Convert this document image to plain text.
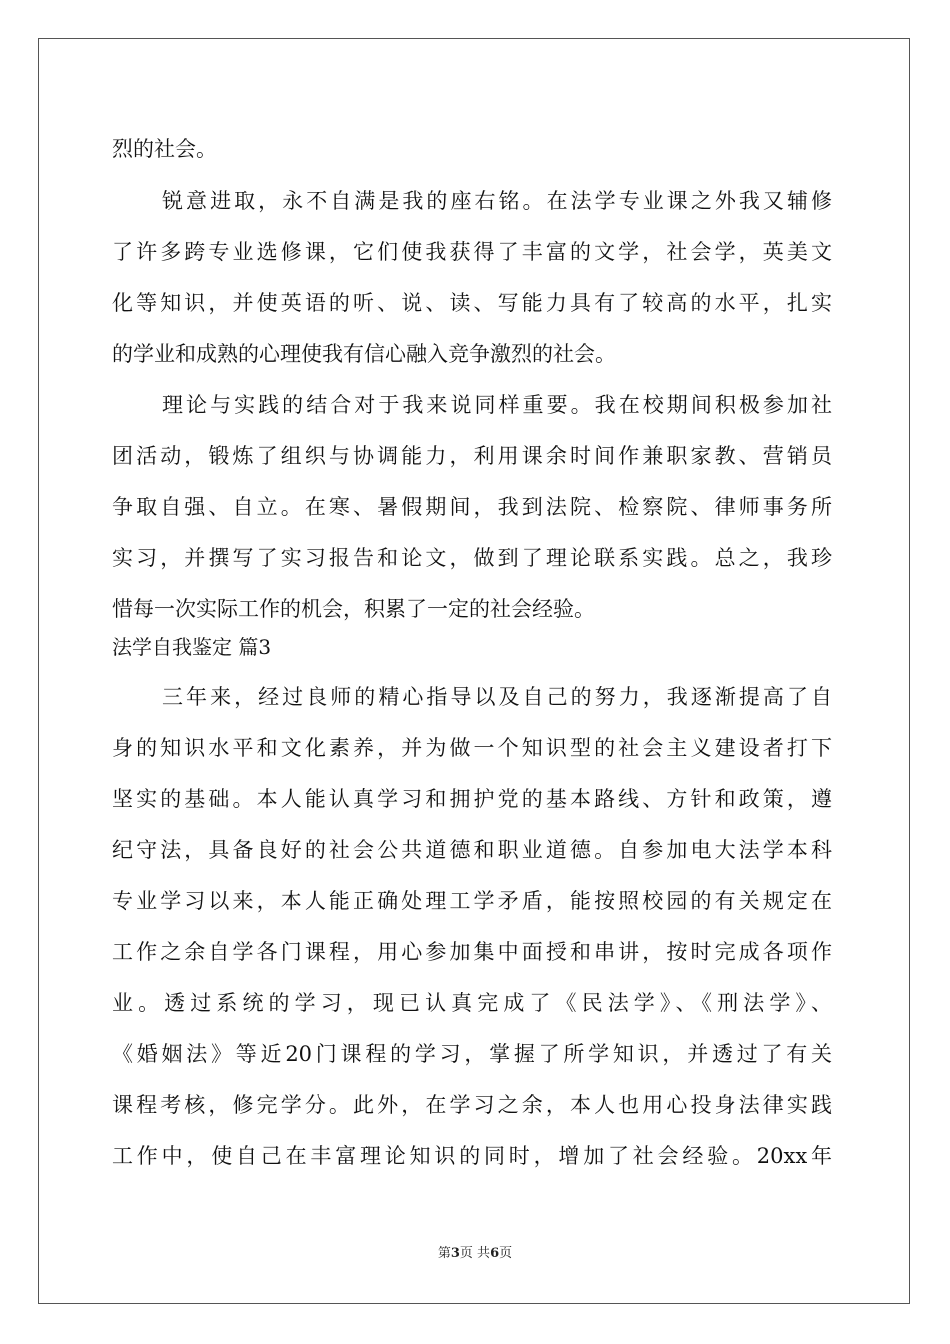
烈的社会。
锐意进取，永不自满是我的座右铭。在法学专业课之外我又辅修
了许多跨专业选修课，它们使我获得了丰富的文学，社会学，英美文
化等知识，并使英语的听、说、读、写能力具有了较高的水平，扎实
的学业和成熟的心理使我有信心融入竞争激烈的社会。
理论与实践的结合对于我来说同样重要。我在校期间积极参加社
团活动，锻炼了组织与协调能力，利用课余时间作兼职家教、营销员
争取自强、自立。在寒、暑假期间，我到法院、检察院、律师事务所
实习，并撰写了实习报告和论文，做到了理论联系实践。总之，我珍
惜每一次实际工作的机会，积累了一定的社会经验。
法学自我鉴定 篇3
三年来，经过良师的精心指导以及自己的努力，我逐渐提高了自
身的知识水平和文化素养，并为做一个知识型的社会主义建设者打下
坚实的基础。本人能认真学习和拥护党的基本路线、方针和政策，遵
纪守法，具备良好的社会公共道德和职业道德。自参加电大法学本科
专业学习以来，本人能正确处理工学矛盾，能按照校园的有关规定在
工作之余自学各门课程，用心参加集中面授和串讲，按时完成各项作
业。透过系统的学习，现已认真完成了《民法学》、《刑法学》、
《婚姻法》等近20门课程的学习，掌握了所学知识，并透过了有关
课程考核，修完学分。此外，在学习之余，本人也用心投身法律实践
工作中，使自己在丰富理论知识的同时，增加了社会经验。20xx年
第3页 共6页
